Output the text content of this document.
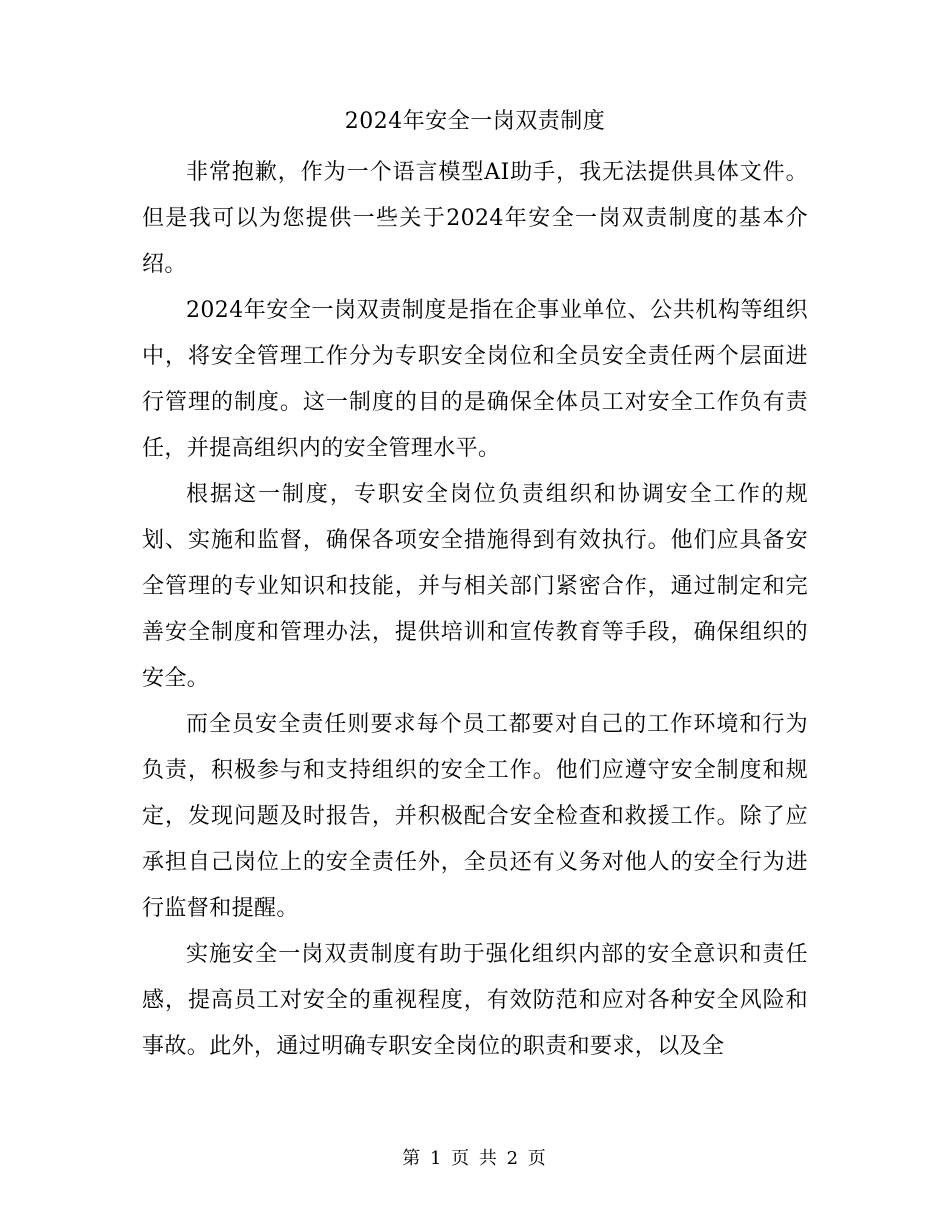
2024年安全一岗双责制度

非常抱歉，作为一个语言模型AI助手，我无法提供具体文件。但是我可以为您提供一些关于2024年安全一岗双责制度的基本介绍。

2024年安全一岗双责制度是指在企事业单位、公共机构等组织中，将安全管理工作分为专职安全岗位和全员安全责任两个层面进行管理的制度。这一制度的目的是确保全体员工对安全工作负有责任，并提高组织内的安全管理水平。

根据这一制度，专职安全岗位负责组织和协调安全工作的规划、实施和监督，确保各项安全措施得到有效执行。他们应具备安全管理的专业知识和技能，并与相关部门紧密合作，通过制定和完善安全制度和管理办法，提供培训和宣传教育等手段，确保组织的安全。

而全员安全责任则要求每个员工都要对自己的工作环境和行为负责，积极参与和支持组织的安全工作。他们应遵守安全制度和规定，发现问题及时报告，并积极配合安全检查和救援工作。除了应承担自己岗位上的安全责任外，全员还有义务对他人的安全行为进行监督和提醒。

实施安全一岗双责制度有助于强化组织内部的安全意识和责任感，提高员工对安全的重视程度，有效防范和应对各种安全风险和事故。此外，通过明确专职安全岗位的职责和要求，以及全

第 1 页 共 2 页
